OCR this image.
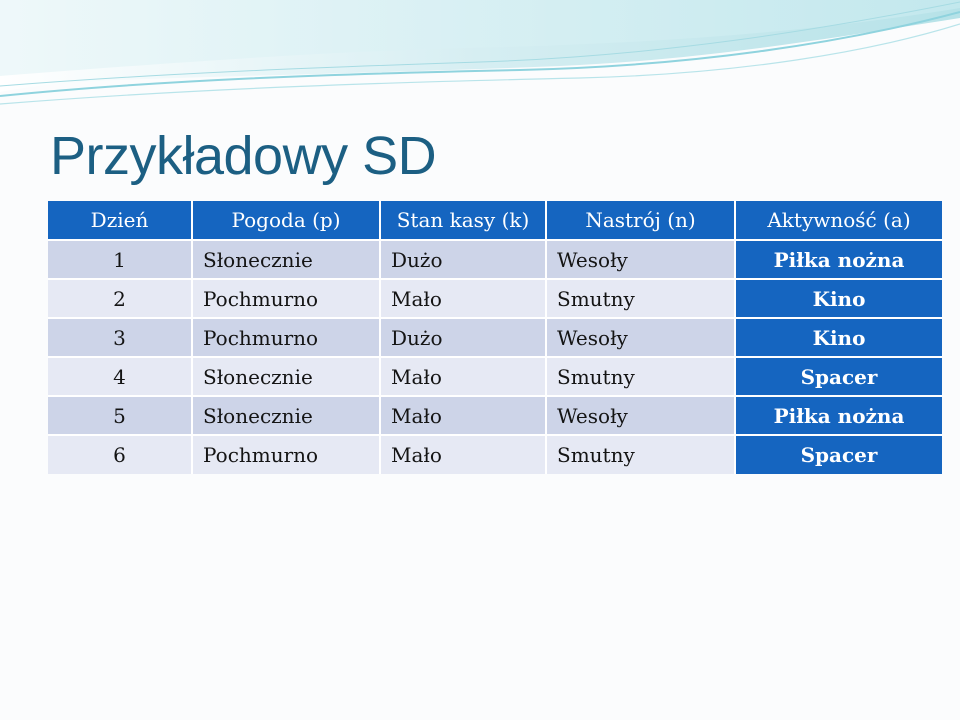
Przykładowy SD
Dzień	Pogoda (p)	Stan kasy (k)	Nastrój (n)	Aktywność (a)
1	Słonecznie	Dużo	Wesoły	Piłka nożna
2	Pochmurno	Mało	Smutny	Kino
3	Pochmurno	Dużo	Wesoły	Kino
4	Słonecznie	Mało	Smutny	Spacer
5	Słonecznie	Mało	Wesoły	Piłka nożna
6	Pochmurno	Mało	Smutny	Spacer
